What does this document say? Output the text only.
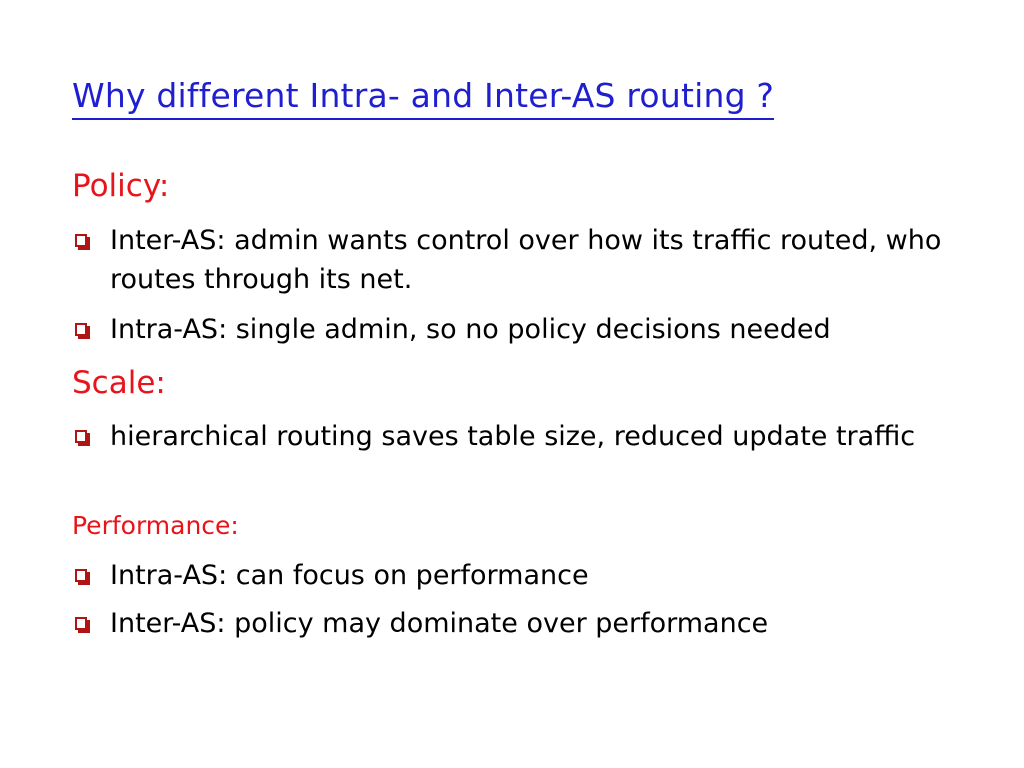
Why different Intra- and Inter-AS routing ?
Policy:
Inter-AS: admin wants control over how its traffic routed, who routes through its net.
Intra-AS: single admin, so no policy decisions needed
Scale:
hierarchical routing saves table size, reduced update traffic
Performance:
Intra-AS: can focus on performance
Inter-AS: policy may dominate over performance
